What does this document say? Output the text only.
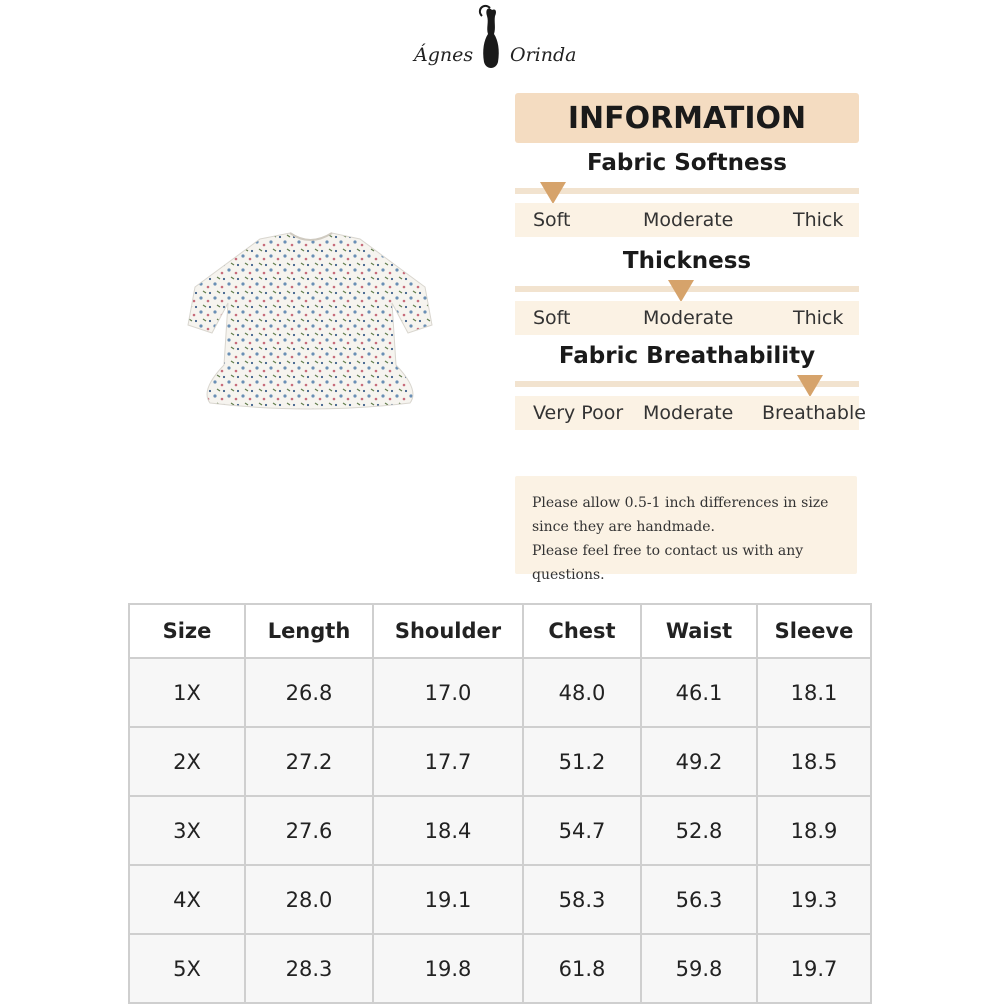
Ágnes Orinda
INFORMATION
Fabric Softness
Soft	Moderate	Thick
Thickness
Soft	Moderate	Thick
Fabric Breathability
Very Poor Moderate Breathable
Please allow 0.5-1 inch differences in size
since they are handmade.
Please feel free to contact us with any questions.
Size	Length	Shoulder	Chest	Waist	Sleeve
1X	26.8	17.0	48.0	46.1	18.1
2X	27.2	17.7	51.2	49.2	18.5
3X	27.6	18.4	54.7	52.8	18.9
4X	28.0	19.1	58.3	56.3	19.3
5X	28.3	19.8	61.8	59.8	19.7
